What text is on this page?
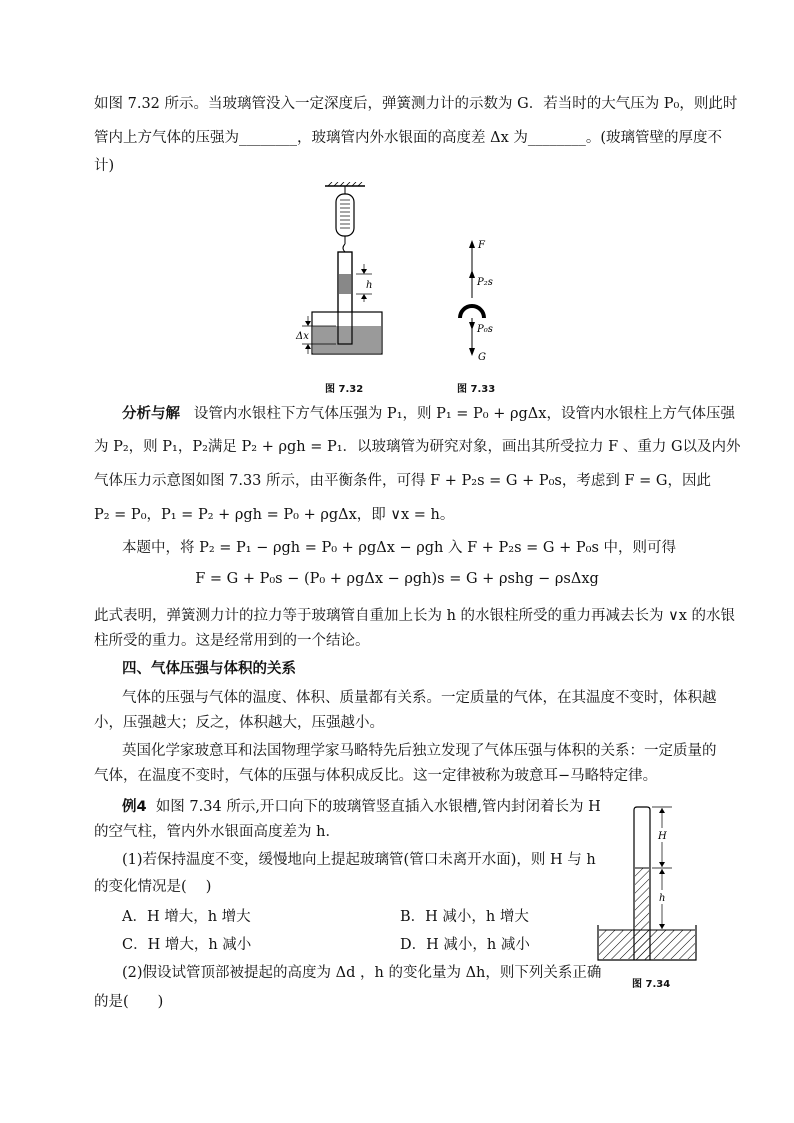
如图 7.32 所示。当玻璃管没入一定深度后，弹簧测力计的示数为 G．若当时的大气压为 P₀，则此时
管内上方气体的压强为________，玻璃管内外水银面的高度差 Δx 为________。(玻璃管壁的厚度不
计)
h
Δx
图 7.32
F
P₂s
P₀s
G
图 7.33
分析与解 设管内水银柱下方气体压强为 P₁，则 P₁ = P₀ + ρgΔx，设管内水银柱上方气体压强
为 P₂，则 P₁，P₂满足 P₂ + ρgh = P₁．以玻璃管为研究对象，画出其所受拉力 F 、重力 G以及内外
气体压力示意图如图 7.33 所示，由平衡条件，可得 F + P₂s = G + P₀s，考虑到 F = G，因此
P₂ = P₀，P₁ = P₂ + ρgh = P₀ + ρgΔx，即 ∨x = h。
本题中，将 P₂ = P₁ − ρgh = P₀ + ρgΔx − ρgh 入 F + P₂s = G + P₀s 中，则可得
F = G + P₀s − (P₀ + ρgΔx − ρgh)s = G + ρshg − ρsΔxg
此式表明，弹簧测力计的拉力等于玻璃管自重加上长为 h 的水银柱所受的重力再减去长为 ∨x 的水银
柱所受的重力。这是经常用到的一个结论。
四、气体压强与体积的关系
气体的压强与气体的温度、体积、质量都有关系。一定质量的气体，在其温度不变时，体积越
小，压强越大；反之，体积越大，压强越小。
英国化学家玻意耳和法国物理学家马略特先后独立发现了气体压强与体积的关系：一定质量的
气体，在温度不变时，气体的压强与体积成反比。这一定律被称为玻意耳−马略特定律。
例4 如图 7.34 所示,开口向下的玻璃管竖直插入水银槽,管内封闭着长为 H
的空气柱，管内外水银面高度差为 h．
(1)若保持温度不变，缓慢地向上提起玻璃管(管口未离开水面)，则 H 与 h
的变化情况是(　 )
A．H 增大，h 增大	B．H 减小，h 增大
C．H 增大，h 减小	D．H 减小，h 减小
(2)假设试管顶部被提起的高度为 Δd ，h 的变化量为 Δh，则下列关系正确
的是(　　)
H
h
图 7.34
